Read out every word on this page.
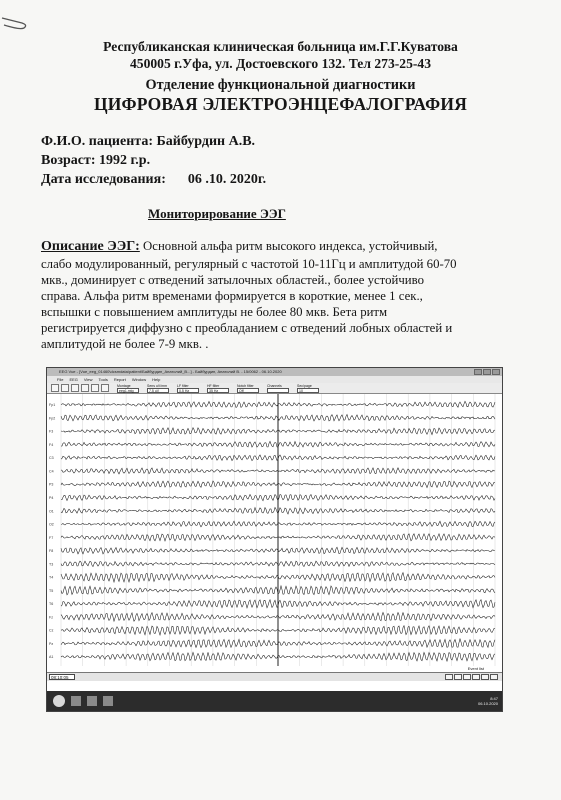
Республиканская клиническая больница им.Г.Г.Куватова
450005 г.Уфа, ул. Достоевского 132. Тел 273-25-43
Отделение функциональной диагностики
ЦИФРОВАЯ ЭЛЕКТРОЭНЦЕФАЛОГРАФИЯ
Ф.И.О. пациента: Байбурдин А.В.
Возраст: 1992 г.р.
Дата исследования: 06 .10. 2020г.
Мониторирование ЭЭГ
Описание ЭЭГ: Основной альфа ритм высокого индекса, устойчивый,
слабо модулированный, регулярный с частотой 10-11Гц и амплитудой 60-70
мкв., доминирует с отведений затылочных областей., более устойчиво
справа. Альфа ритм временами формируется в короткие, менее 1 сек.,
вспышки с повышением амплитуды не более 80 мкв. Бета ритм
регистрируется диффузно с преобладанием с отведений лобных областей и
амплитудой не более 7-9 мкв. .
EEG Vue - [Vue_eeg_01460\dcsmdata\patient\Байбурдин_Анатолий_В...] - Байбурдин, Анатолий В. - 15/0062 - 06.10.2020
File EEG View Tools Report Window Help
Montage
eeg1.mtg
Sens uV/mm
7.5 uV
LF filter
0.5 Hz
HF filter
35 Hz
Notch filter
Off
Channels	Sec/page
10
Fp1
Fp2
F3
F4
C3
C4
P3
P4
O1
O2
F7
F8
T3
T4
T5
T6
Fz
Cz
Pz
A1
Event list
08:10:05
8:47
06.10.2020
